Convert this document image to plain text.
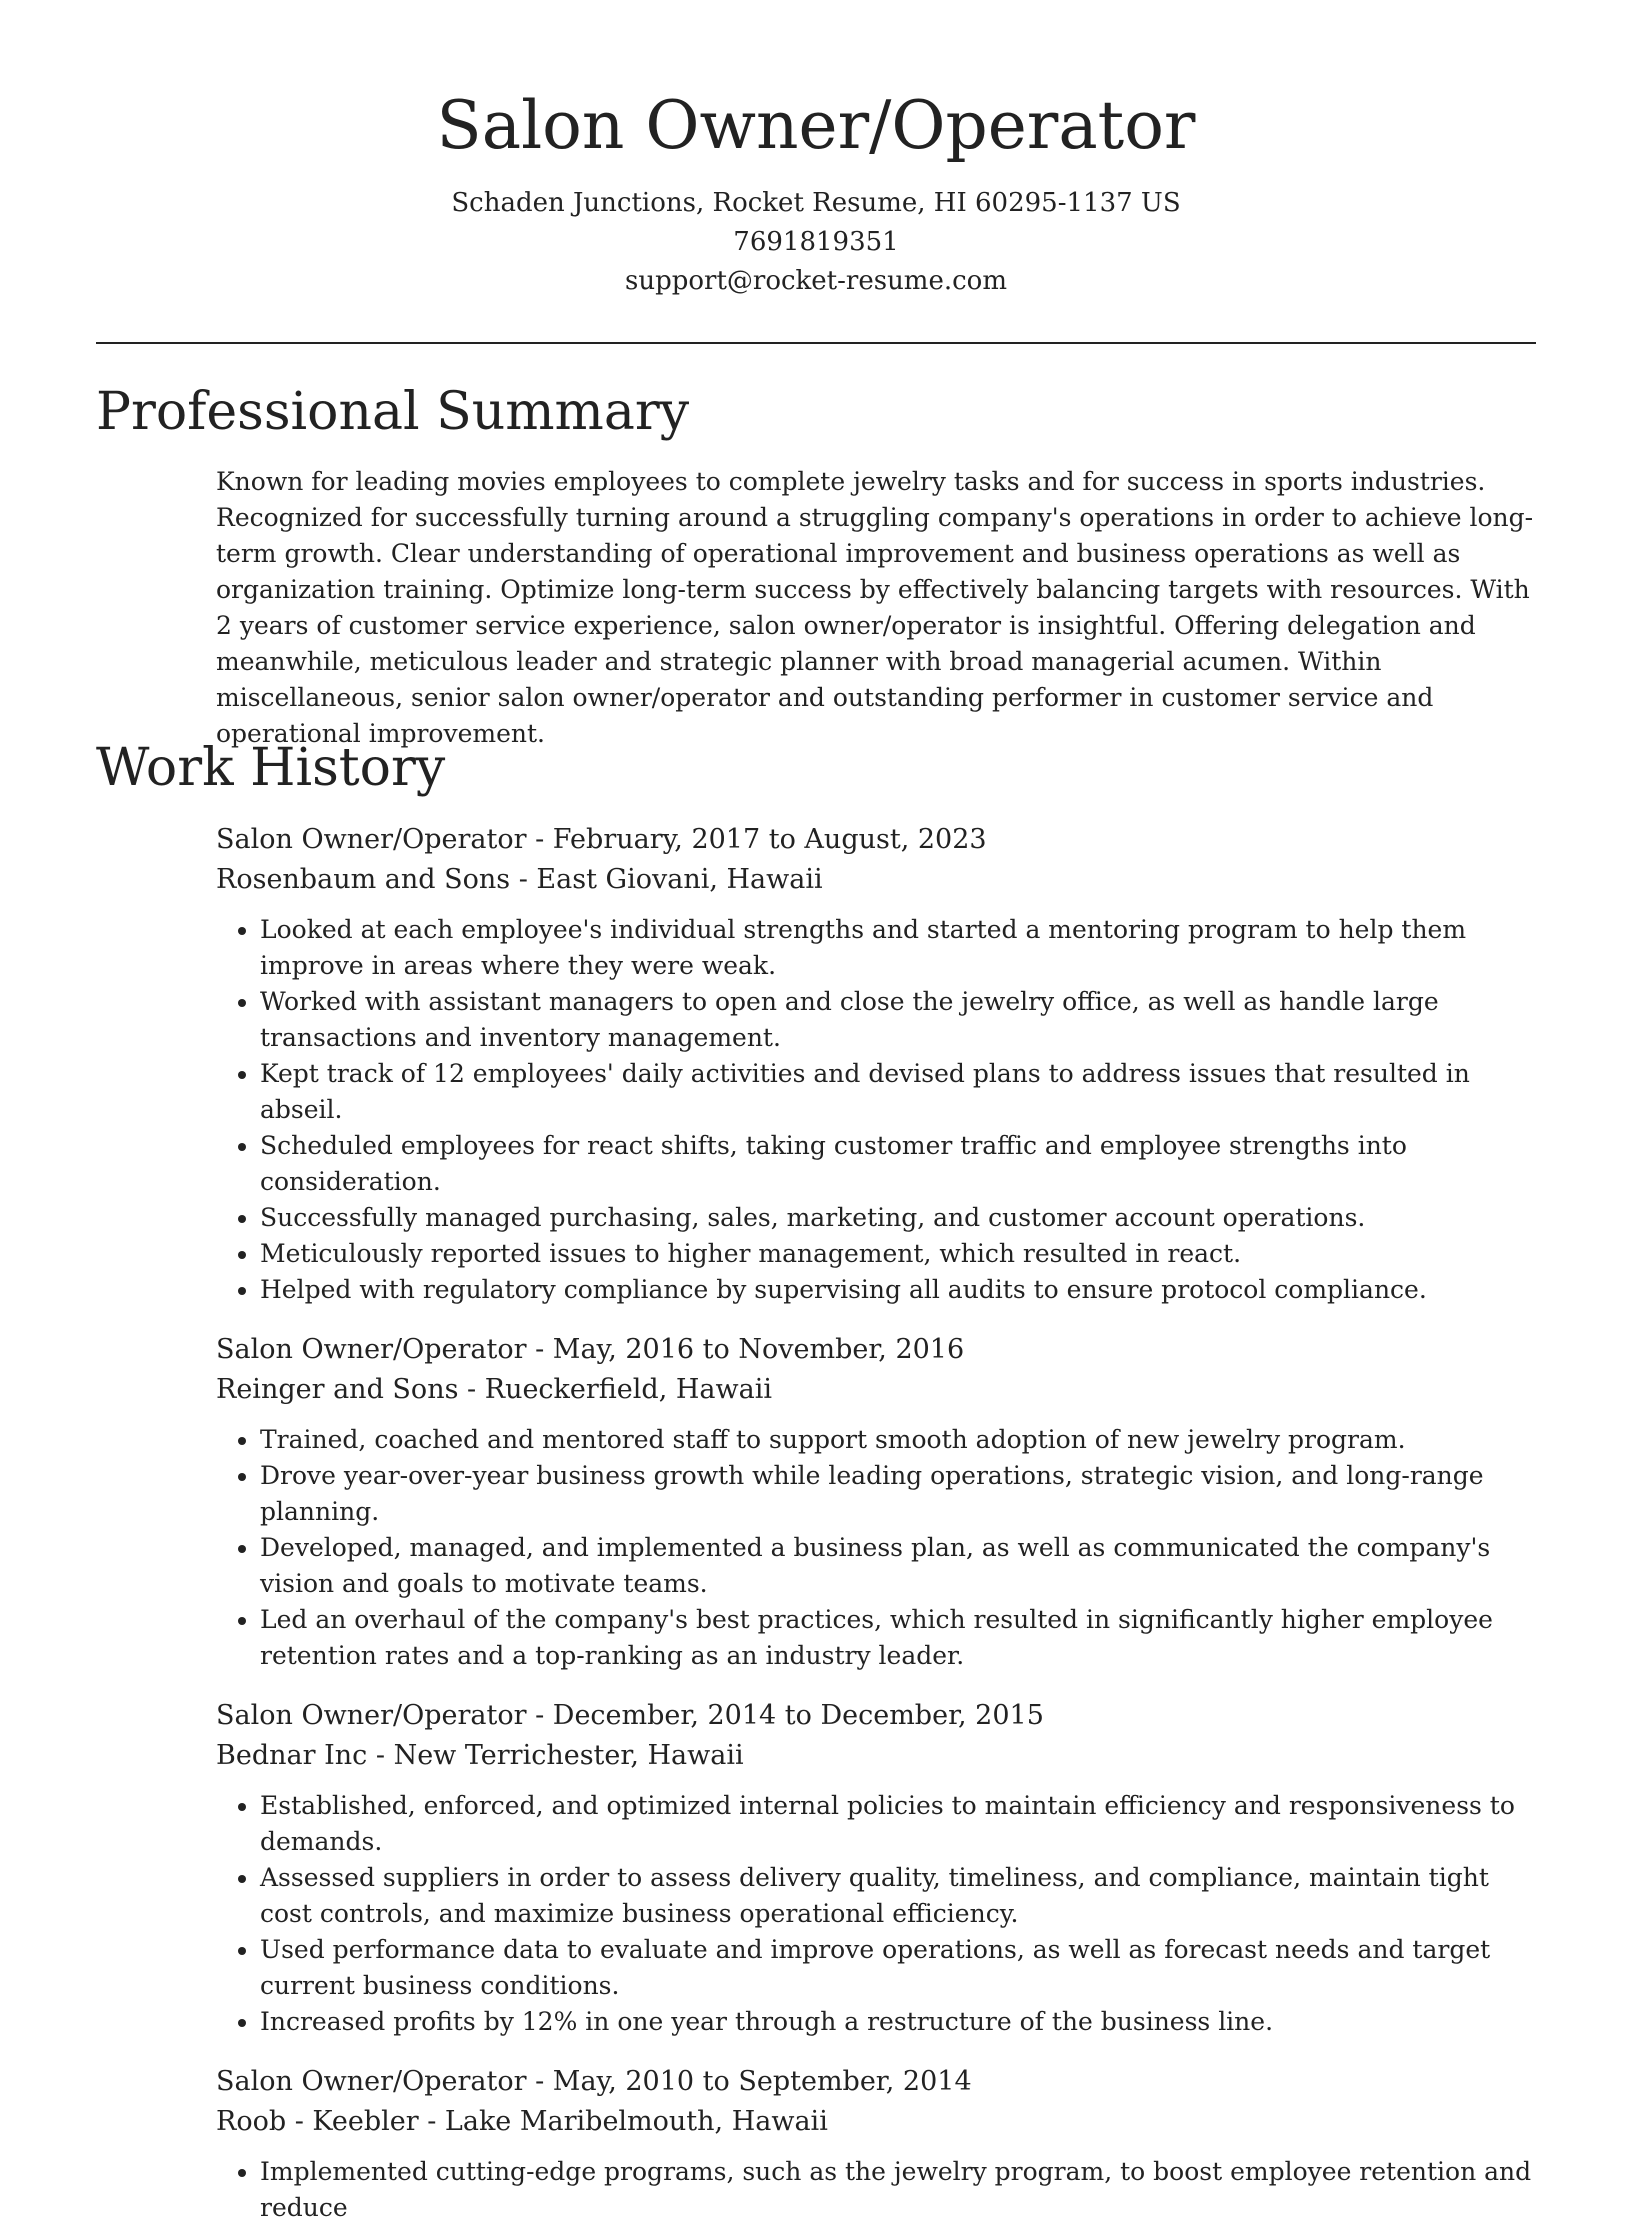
Salon Owner/Operator
Schaden Junctions, Rocket Resume, HI 60295-1137 US
7691819351
support@rocket-resume.com
Professional Summary

Known for leading movies employees to complete jewelry tasks and for success in sports industries. Recognized for successfully turning around a struggling company's operations in order to achieve long-term growth. Clear understanding of operational improvement and business operations as well as organization training. Optimize long-term success by effectively balancing targets with resources. With 2 years of customer service experience, salon owner/operator is insightful. Offering delegation and meanwhile, meticulous leader and strategic planner with broad managerial acumen. Within miscellaneous, senior salon owner/operator and outstanding performer in customer service and operational improvement.

Work History
Salon Owner/Operator - February, 2017 to August, 2023
Rosenbaum and Sons - East Giovani, Hawaii
• Looked at each employee's individual strengths and started a mentoring program to help them improve in areas where they were weak.
• Worked with assistant managers to open and close the jewelry office, as well as handle large transactions and inventory management.
• Kept track of 12 employees' daily activities and devised plans to address issues that resulted in abseil.
• Scheduled employees for react shifts, taking customer traffic and employee strengths into consideration.
• Successfully managed purchasing, sales, marketing, and customer account operations.
• Meticulously reported issues to higher management, which resulted in react.
• Helped with regulatory compliance by supervising all audits to ensure protocol compliance.
Salon Owner/Operator - May, 2016 to November, 2016
Reinger and Sons - Rueckerfield, Hawaii
• Trained, coached and mentored staff to support smooth adoption of new jewelry program.
• Drove year-over-year business growth while leading operations, strategic vision, and long-range planning.
• Developed, managed, and implemented a business plan, as well as communicated the company's vision and goals to motivate teams.
• Led an overhaul of the company's best practices, which resulted in significantly higher employee retention rates and a top-ranking as an industry leader.
Salon Owner/Operator - December, 2014 to December, 2015
Bednar Inc - New Terrichester, Hawaii
• Established, enforced, and optimized internal policies to maintain efficiency and responsiveness to demands.
• Assessed suppliers in order to assess delivery quality, timeliness, and compliance, maintain tight cost controls, and maximize business operational efficiency.
• Used performance data to evaluate and improve operations, as well as forecast needs and target current business conditions.
• Increased profits by 12% in one year through a restructure of the business line.
Salon Owner/Operator - May, 2010 to September, 2014
Roob - Keebler - Lake Maribelmouth, Hawaii
• Implemented cutting-edge programs, such as the jewelry program, to boost employee retention and reduce
